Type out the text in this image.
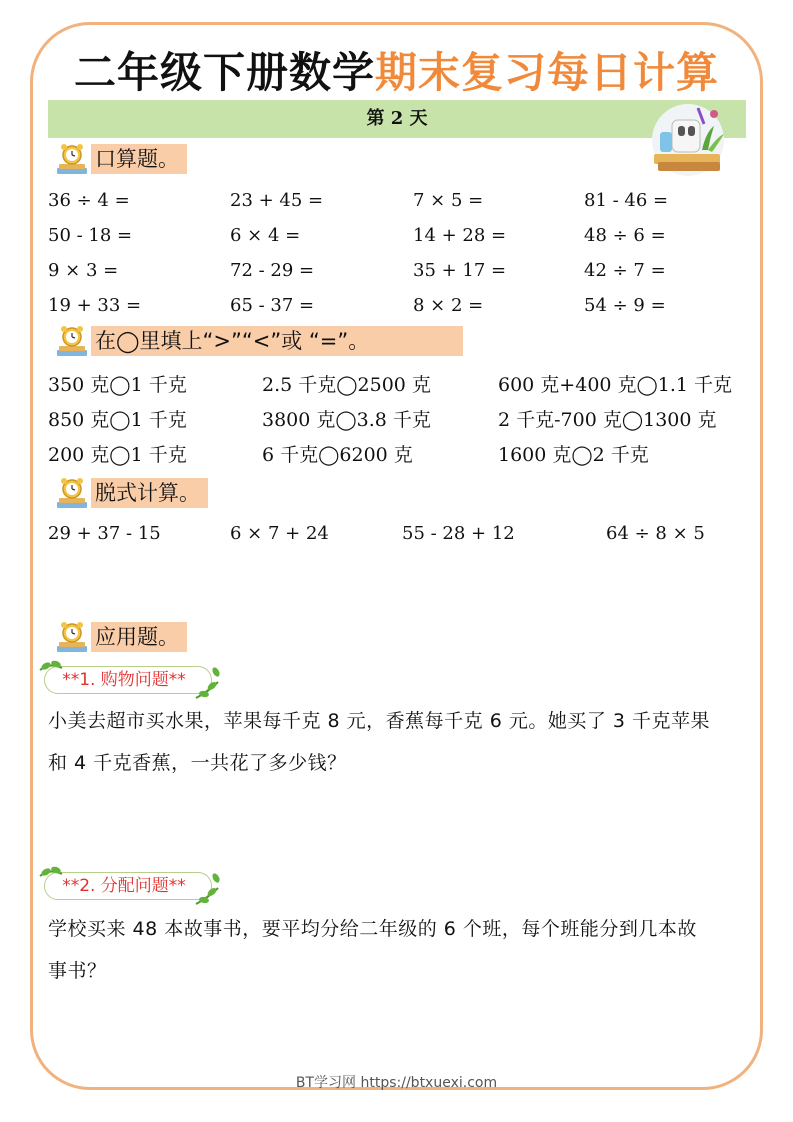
二年级下册数学期末复习每日计算
第 2 天
口算题。
36 ÷ 4 =	23 + 45 =	7 × 5 =	81 - 46 =
50 - 18 =	6 × 4 =	14 + 28 =	48 ÷ 6 =
9 × 3 =	72 - 29 =	35 + 17 =	42 ÷ 7 =
19 + 33 =	65 - 37 =	8 × 2 =	54 ÷ 9 =
在◯里填上“>”“<”或 “=”。
350 克◯1 千克	2.5 千克◯2500 克	600 克+400 克◯1.1 千克
850 克◯1 千克	3800 克◯3.8 千克	2 千克-700 克◯1300 克
200 克◯1 千克	6 千克◯6200 克	1600 克◯2 千克
脱式计算。
29 + 37 - 15	6 × 7 + 24	55 - 28 + 12	64 ÷ 8 × 5
应用题。
**1. 购物问题**
小美去超市买水果，苹果每千克 8 元，香蕉每千克 6 元。她买了 3 千克苹果
和 4 千克香蕉，一共花了多少钱？
**2. 分配问题**
学校买来 48 本故事书，要平均分给二年级的 6 个班，每个班能分到几本故
事书？
BT学习网 https://btxuexi.com
